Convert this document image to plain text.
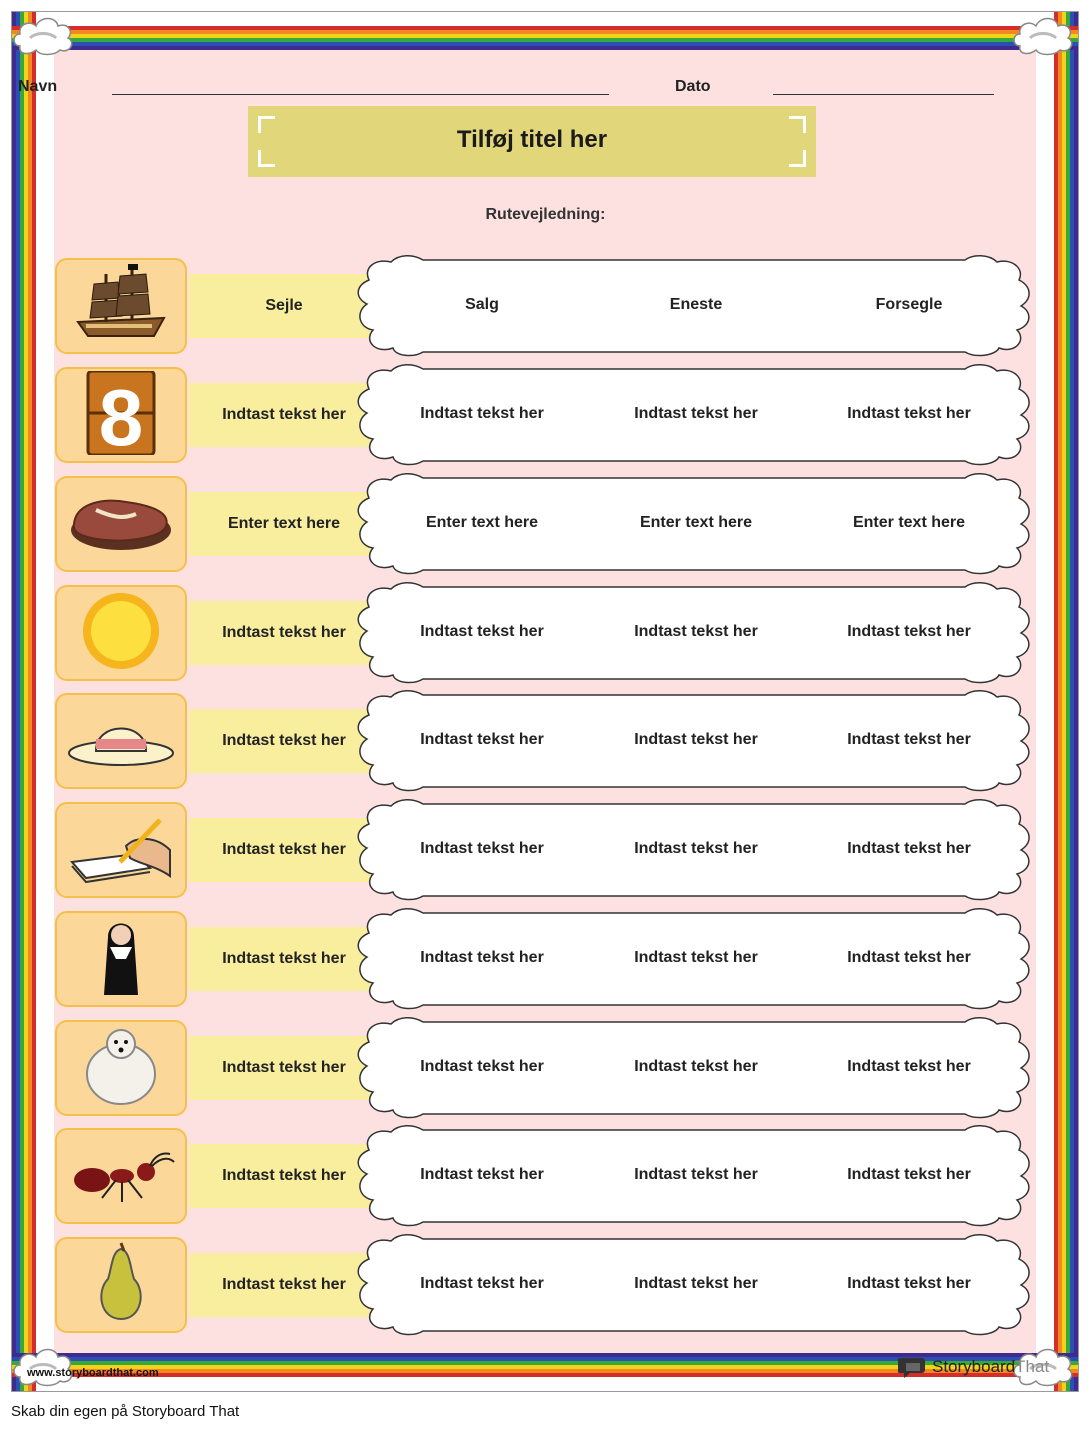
Navn	Dato
Tilføj titel her
Rutevejledning:
Sejle	Salg	Eneste	Forsegle
8	Indtast tekst her	Indtast tekst her	Indtast tekst her	Indtast tekst her
Enter text here	Enter text here	Enter text here	Enter text here
Indtast tekst her	Indtast tekst her	Indtast tekst her	Indtast tekst her
Indtast tekst her	Indtast tekst her	Indtast tekst her	Indtast tekst her
Indtast tekst her	Indtast tekst her	Indtast tekst her	Indtast tekst her
Indtast tekst her	Indtast tekst her	Indtast tekst her	Indtast tekst her
Indtast tekst her	Indtast tekst her	Indtast tekst her	Indtast tekst her
Indtast tekst her	Indtast tekst her	Indtast tekst her	Indtast tekst her
Indtast tekst her	Indtast tekst her	Indtast tekst her	Indtast tekst her
www.storyboardthat.com	StoryboardThat
Skab din egen på Storyboard That
